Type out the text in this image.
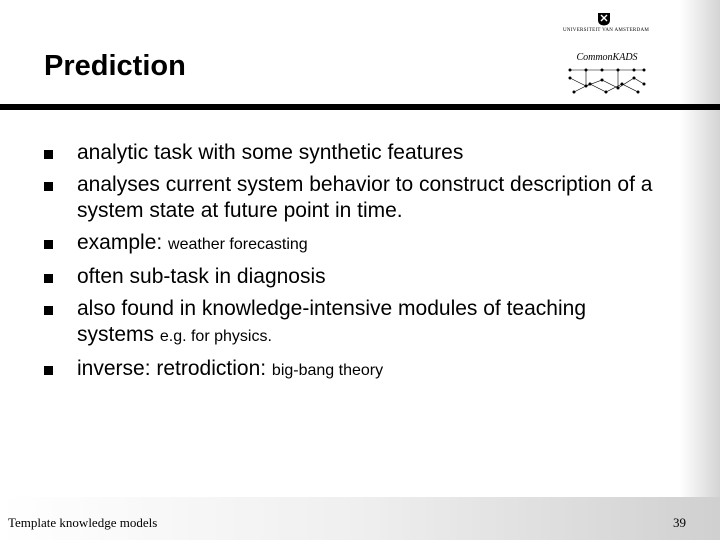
UNIVERSITEIT VAN AMSTERDAM
CommonKADS
Prediction
analytic task with some synthetic features
analyses current system behavior to construct description of a system state at future point in time.
example: weather forecasting
often sub-task in diagnosis
also found in knowledge-intensive modules of teaching systems e.g. for physics.
inverse: retrodiction: big-bang theory
Template knowledge models	39
